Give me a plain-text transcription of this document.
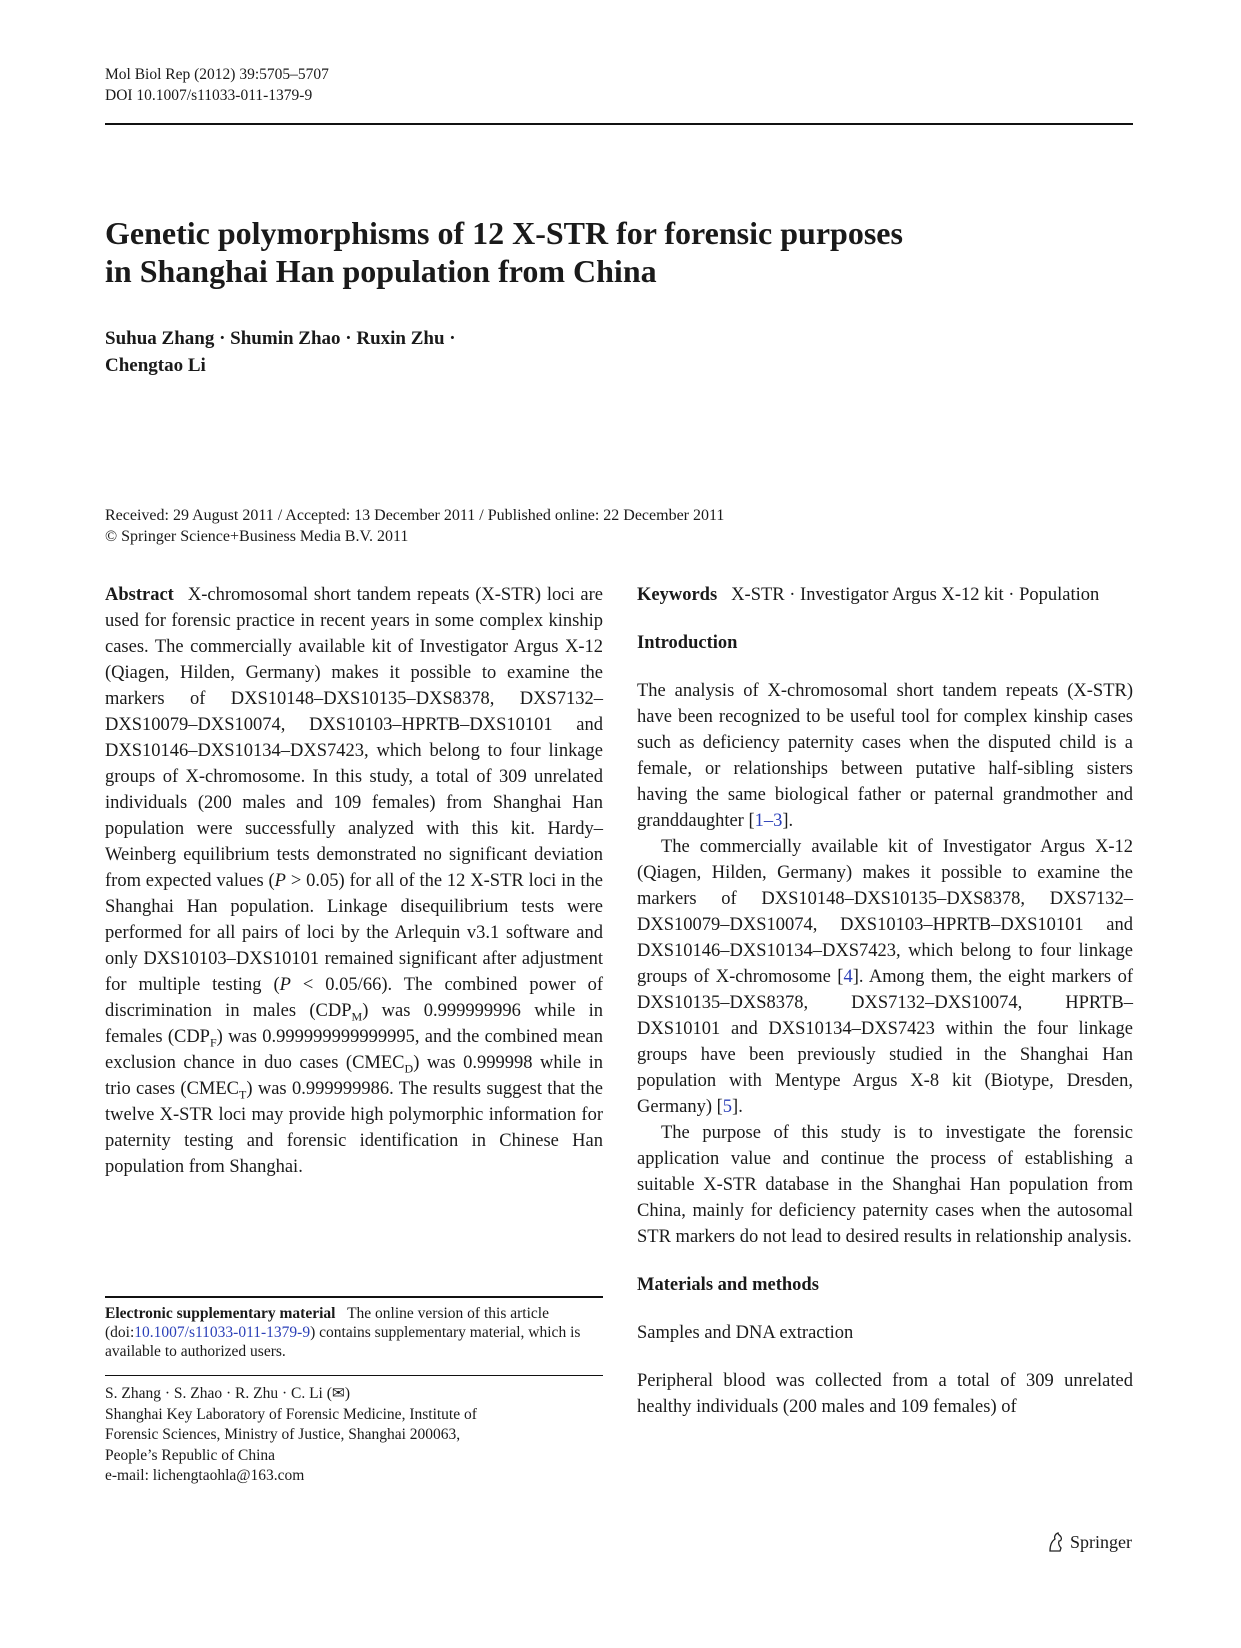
Mol Biol Rep (2012) 39:5705–5707
DOI 10.1007/s11033-011-1379-9
Genetic polymorphisms of 12 X-STR for forensic purposes
in Shanghai Han population from China
Suhua Zhang · Shumin Zhao · Ruxin Zhu ·
Chengtao Li
Received: 29 August 2011 / Accepted: 13 December 2011 / Published online: 22 December 2011
© Springer Science+Business Media B.V. 2011

Abstract X-chromosomal short tandem repeats (X-STR) loci are used for forensic practice in recent years in some complex kinship cases. The commercially available kit of Investigator Argus X-12 (Qiagen, Hilden, Germany) makes it possible to examine the markers of DXS10148–DXS10135–DXS8378, DXS7132–DXS10079–DXS10074, DXS10103–HPRTB–DXS10101 and DXS10146–DXS10134–DXS7423, which belong to four linkage groups of X-chromosome. In this study, a total of 309 unrelated individuals (200 males and 109 females) from Shanghai Han population were successfully analyzed with this kit. Hardy–Weinberg equilibrium tests demonstrated no significant deviation from expected values (P > 0.05) for all of the 12 X-STR loci in the Shanghai Han population. Linkage disequilibrium tests were performed for all pairs of loci by the Arlequin v3.1 software and only DXS10103–DXS10101 remained significant after adjustment for multiple testing (P < 0.05/66). The combined power of discrimination in males $(CDP_M)$ was 0.999999996 while in females $(CDP_F)$ was 0.999999999999995, and the combined mean exclusion chance in duo cases $(CMEC_D)$ was 0.999998 while in trio cases $(CMEC_T)$ was 0.999999986. The results suggest that the twelve X-STR loci may provide high polymorphic information for paternity testing and forensic identification in Chinese Han population from Shanghai.

Electronic supplementary material The online version of this article (doi:10.1007/s11033-011-1379-9) contains supplementary material, which is available to authorized users.
S. Zhang · S. Zhao · R. Zhu · C. Li (✉)
Shanghai Key Laboratory of Forensic Medicine, Institute of
Forensic Sciences, Ministry of Justice, Shanghai 200063,
People’s Republic of China
e-mail: lichengtaohla@163.com

Keywords X-STR · Investigator Argus X-12 kit · Population

Introduction

The analysis of X-chromosomal short tandem repeats (X-STR) have been recognized to be useful tool for complex kinship cases such as deficiency paternity cases when the disputed child is a female, or relationships between putative half-sibling sisters having the same biological father or paternal grandmother and granddaughter [1–3].

The commercially available kit of Investigator Argus X-12 (Qiagen, Hilden, Germany) makes it possible to examine the markers of DXS10148–DXS10135–DXS8378, DXS7132–DXS10079–DXS10074, DXS10103–HPRTB–DXS10101 and DXS10146–DXS10134–DXS7423, which belong to four linkage groups of X-chromosome [4]. Among them, the eight markers of DXS10135–DXS8378, DXS7132–DXS10074, HPRTB–DXS10101 and DXS10134–DXS7423 within the four linkage groups have been previously studied in the Shanghai Han population with Mentype Argus X-8 kit (Biotype, Dresden, Germany) [5].

The purpose of this study is to investigate the forensic application value and continue the process of establishing a suitable X-STR database in the Shanghai Han population from China, mainly for deficiency paternity cases when the autosomal STR markers do not lead to desired results in relationship analysis.

Materials and methods

Samples and DNA extraction

Peripheral blood was collected from a total of 309 unrelated healthy individuals (200 males and 109 females) of

Springer
